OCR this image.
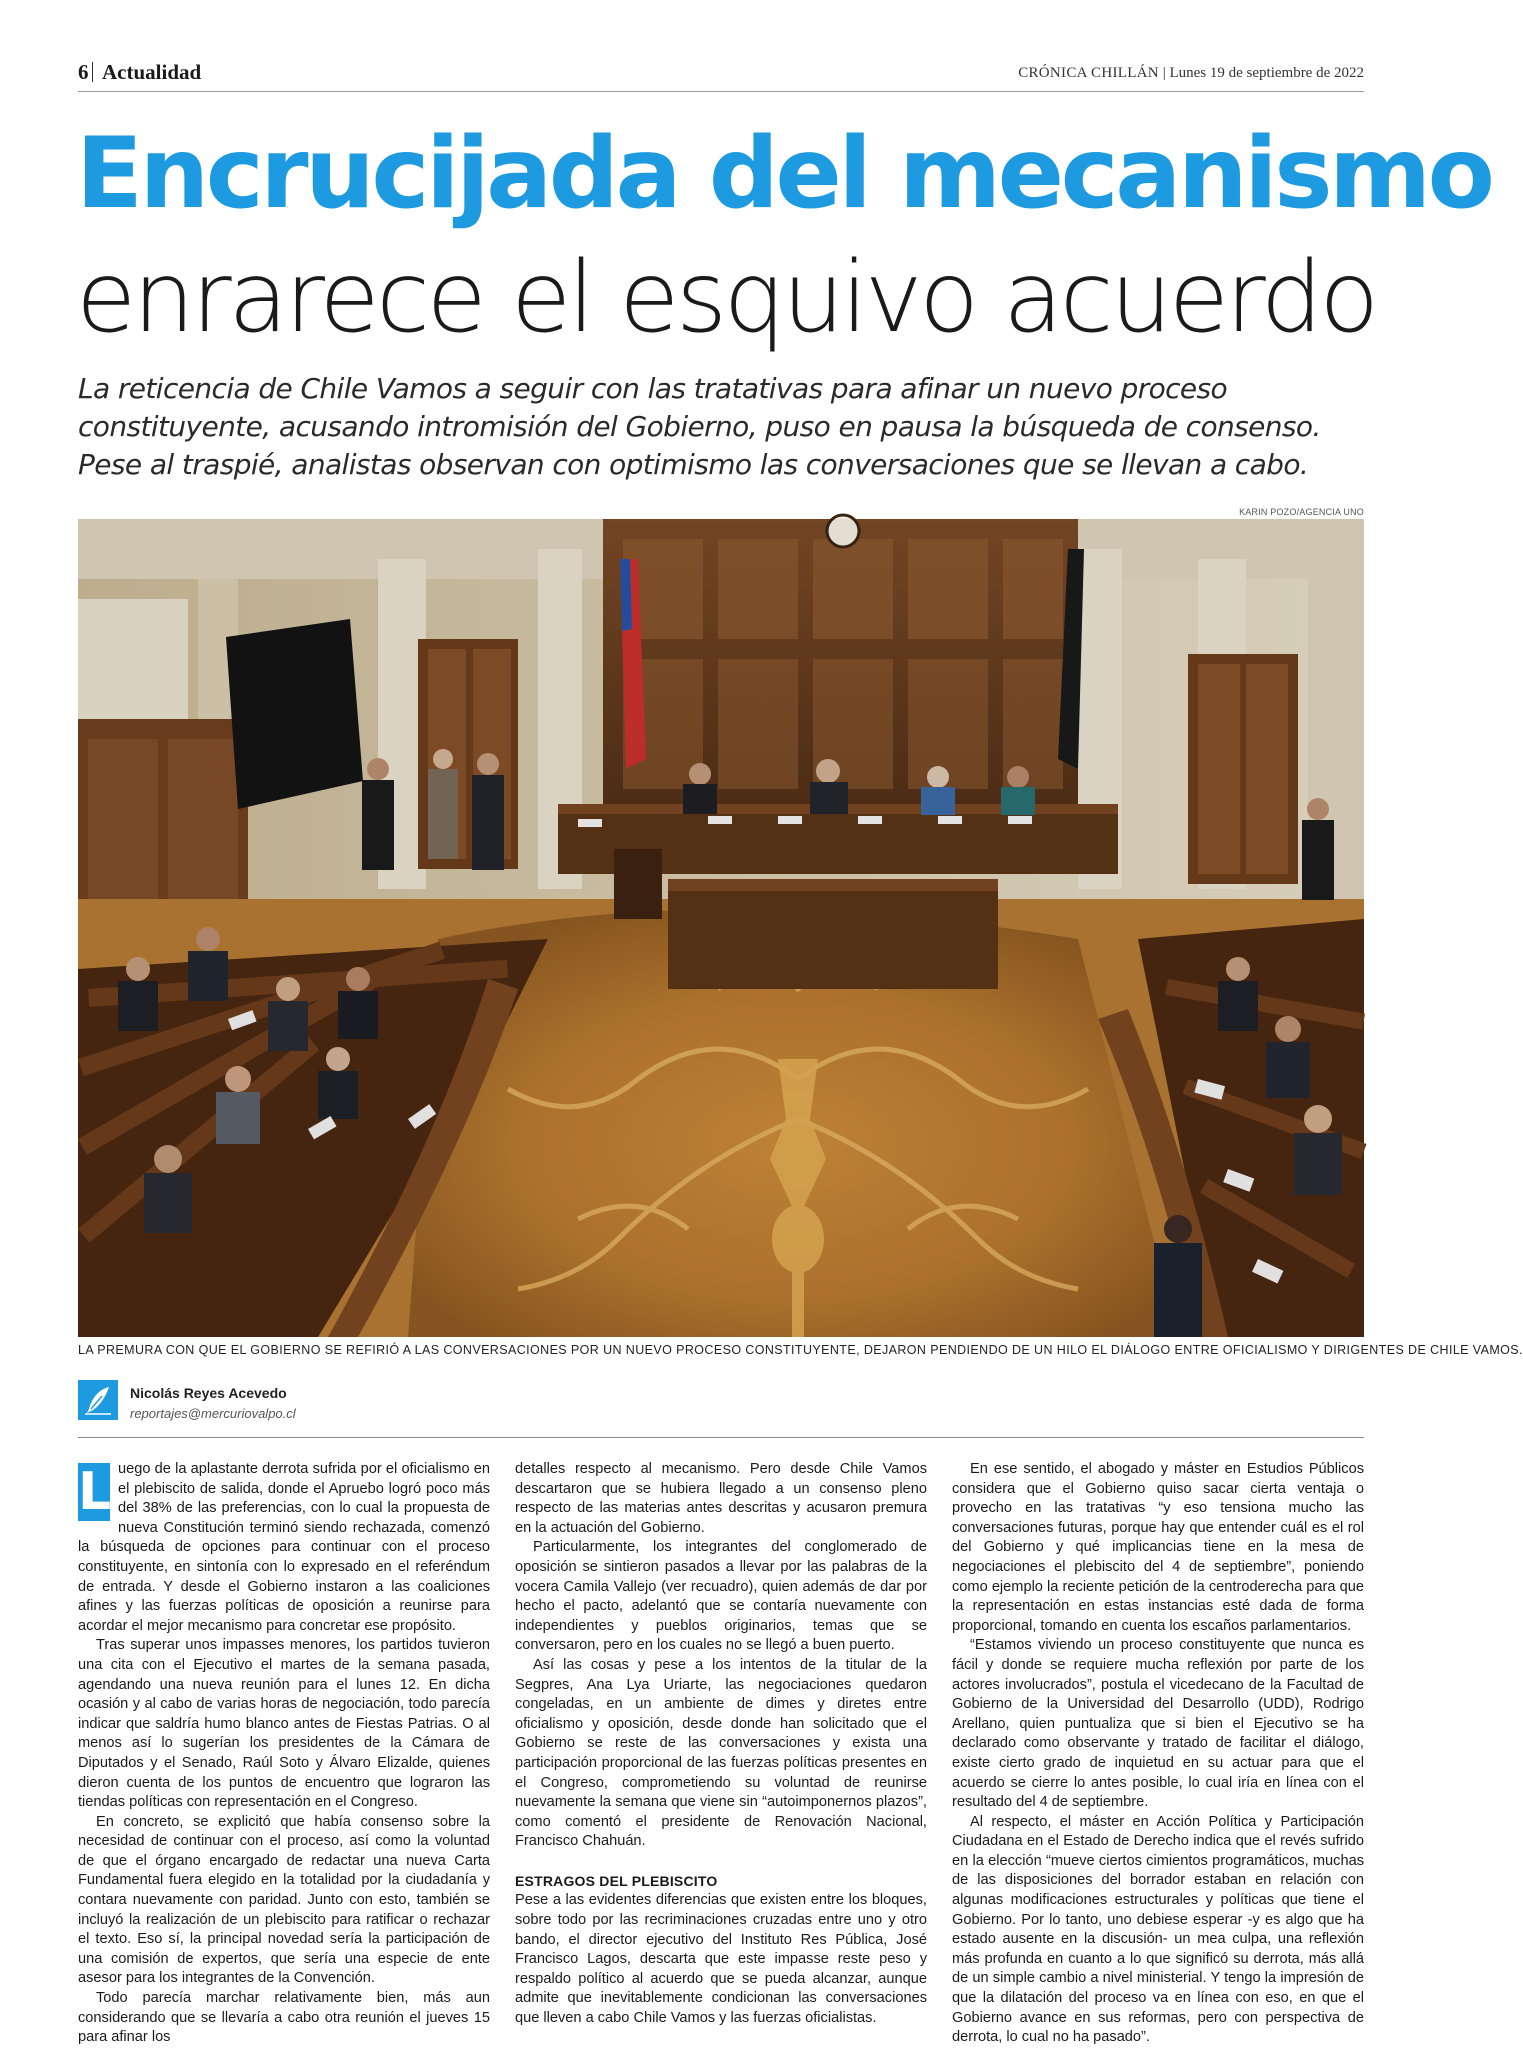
6 Actualidad	CRÓNICA CHILLÁN | Lunes 19 de septiembre de 2022
Encrucijada del mecanismo
enrarece el esquivo acuerdo

La reticencia de Chile Vamos a seguir con las tratativas para afinar un nuevo proceso constituyente, acusando intromisión del Gobierno, puso en pausa la búsqueda de consenso. Pese al traspié, analistas observan con optimismo las conversaciones que se llevan a cabo.

KARIN POZO/AGENCIA UNO
LA PREMURA CON QUE EL GOBIERNO SE REFIRIÓ A LAS CONVERSACIONES POR UN NUEVO PROCESO CONSTITUYENTE, DEJARON PENDIENDO DE UN HILO EL DIÁLOGO ENTRE OFICIALISMO Y DIRIGENTES DE CHILE VAMOS.
Nicolás Reyes Acevedo
reportajes@mercuriovalpo.cl

L uego de la aplastante derrota sufrida por el oficialismo en el plebiscito de salida, donde el Apruebo logró poco más del 38% de las preferencias, con lo cual la propuesta de nueva Constitución terminó siendo rechazada, comenzó la búsqueda de opciones para continuar con el proceso constituyente, en sintonía con lo expresado en el referéndum de entrada. Y desde el Gobierno instaron a las coaliciones afines y las fuerzas políticas de oposición a reunirse para acordar el mejor mecanismo para concretar ese propósito.

Tras superar unos impasses menores, los partidos tuvieron una cita con el Ejecutivo el martes de la semana pasada, agendando una nueva reunión para el lunes 12. En dicha ocasión y al cabo de varias horas de negociación, todo parecía indicar que saldría humo blanco antes de Fiestas Patrias. O al menos así lo sugerían los presidentes de la Cámara de Diputados y el Senado, Raúl Soto y Álvaro Elizalde, quienes dieron cuenta de los puntos de encuentro que lograron las tiendas políticas con representación en el Congreso.

En concreto, se explicitó que había consenso sobre la necesidad de continuar con el proceso, así como la voluntad de que el órgano encargado de redactar una nueva Carta Fundamental fuera elegido en la totalidad por la ciudadanía y contara nuevamente con paridad. Junto con esto, también se incluyó la realización de un plebiscito para ratificar o rechazar el texto. Eso sí, la principal novedad sería la participación de una comisión de expertos, que sería una especie de ente asesor para los integrantes de la Convención.

Todo parecía marchar relativamente bien, más aun considerando que se llevaría a cabo otra reunión el jueves 15 para afinar los

detalles respecto al mecanismo. Pero desde Chile Vamos descartaron que se hubiera llegado a un consenso pleno respecto de las materias antes descritas y acusaron premura en la actuación del Gobierno.

Particularmente, los integrantes del conglomerado de oposición se sintieron pasados a llevar por las palabras de la vocera Camila Vallejo (ver recuadro), quien además de dar por hecho el pacto, adelantó que se contaría nuevamente con independientes y pueblos originarios, temas que se conversaron, pero en los cuales no se llegó a buen puerto.

Así las cosas y pese a los intentos de la titular de la Segpres, Ana Lya Uriarte, las negociaciones quedaron congeladas, en un ambiente de dimes y diretes entre oficialismo y oposición, desde donde han solicitado que el Gobierno se reste de las conversaciones y exista una participación proporcional de las fuerzas políticas presentes en el Congreso, comprometiendo su voluntad de reunirse nuevamente la semana que viene sin “autoimponernos plazos”, como comentó el presidente de Renovación Nacional, Francisco Chahuán.

ESTRAGOS DEL PLEBISCITO

Pese a las evidentes diferencias que existen entre los bloques, sobre todo por las recriminaciones cruzadas entre uno y otro bando, el director ejecutivo del Instituto Res Pública, José Francisco Lagos, descarta que este impasse reste peso y respaldo político al acuerdo que se pueda alcanzar, aunque admite que inevitablemente condicionan las conversaciones que lleven a cabo Chile Vamos y las fuerzas oficialistas.

En ese sentido, el abogado y máster en Estudios Públicos considera que el Gobierno quiso sacar cierta ventaja o provecho en las tratativas “y eso tensiona mucho las conversaciones futuras, porque hay que entender cuál es el rol del Gobierno y qué implicancias tiene en la mesa de negociaciones el plebiscito del 4 de septiembre”, poniendo como ejemplo la reciente petición de la centroderecha para que la representación en estas instancias esté dada de forma proporcional, tomando en cuenta los escaños parlamentarios.

“Estamos viviendo un proceso constituyente que nunca es fácil y donde se requiere mucha reflexión por parte de los actores involucrados”, postula el vicedecano de la Facultad de Gobierno de la Universidad del Desarrollo (UDD), Rodrigo Arellano, quien puntualiza que si bien el Ejecutivo se ha declarado como observante y tratado de facilitar el diálogo, existe cierto grado de inquietud en su actuar para que el acuerdo se cierre lo antes posible, lo cual iría en línea con el resultado del 4 de septiembre.

Al respecto, el máster en Acción Política y Participación Ciudadana en el Estado de Derecho indica que el revés sufrido en la elección “mueve ciertos cimientos programáticos, muchas de las disposiciones del borrador estaban en relación con algunas modificaciones estructurales y políticas que tiene el Gobierno. Por lo tanto, uno debiese esperar -y es algo que ha estado ausente en la discusión- un mea culpa, una reflexión más profunda en cuanto a lo que significó su derrota, más allá de un simple cambio a nivel ministerial. Y tengo la impresión de que la dilatación del proceso va en línea con eso, en que el Gobierno avance en sus reformas, pero con perspectiva de derrota, lo cual no ha pasado”.
